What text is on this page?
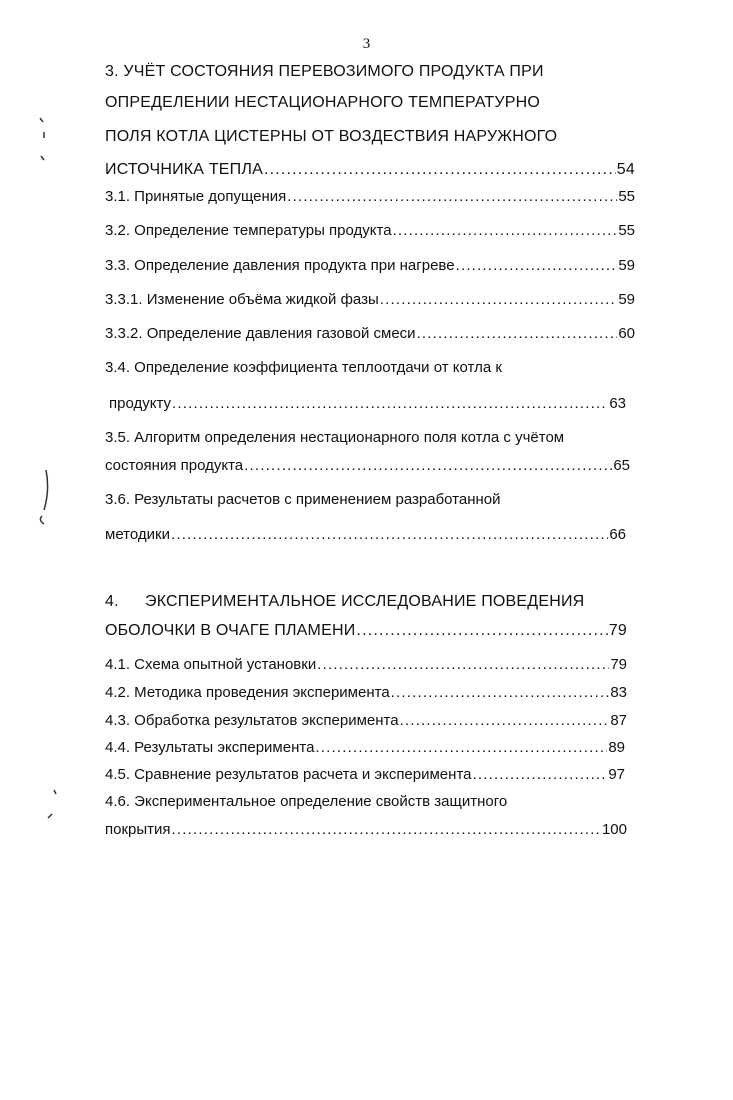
3
3. УЧЁТ СОСТОЯНИЯ ПЕРЕВОЗИМОГО ПРОДУКТА ПРИ
ОПРЕДЕЛЕНИИ НЕСТАЦИОНАРНОГО ТЕМПЕРАТУРНО
ПОЛЯ КОТЛА ЦИСТЕРНЫ ОТ ВОЗДЕСТВИЯ НАРУЖНОГО
ИСТОЧНИКА ТЕПЛА .....	54
3.1. Принятые допущения .....	55
3.2. Определение температуры продукта .....	55
3.3. Определение давления продукта при нагреве .....	59
3.3.1. Изменение объёма жидкой фазы .....	59
3.3.2. Определение давления газовой смеси .....	60
3.4. Определение коэффициента теплоотдачи от котла к
продукту .....	63
3.5. Алгоритм определения нестационарного поля котла с учётом
состояния продукта .....	65
3.6. Результаты расчетов с применением разработанной
методики .....	66
4. ЭКСПЕРИМЕНТАЛЬНОЕ ИССЛЕДОВАНИЕ ПОВЕДЕНИЯ
ОБОЛОЧКИ В ОЧАГЕ ПЛАМЕНИ .....	79
4.1. Схема опытной установки .....	79
4.2. Методика проведения эксперимента .....	83
4.3. Обработка результатов эксперимента .....	87
4.4. Результаты эксперимента .....	89
4.5. Сравнение результатов расчета и эксперимента .....	97
4.6. Экспериментальное определение свойств защитного
покрытия .....	100
